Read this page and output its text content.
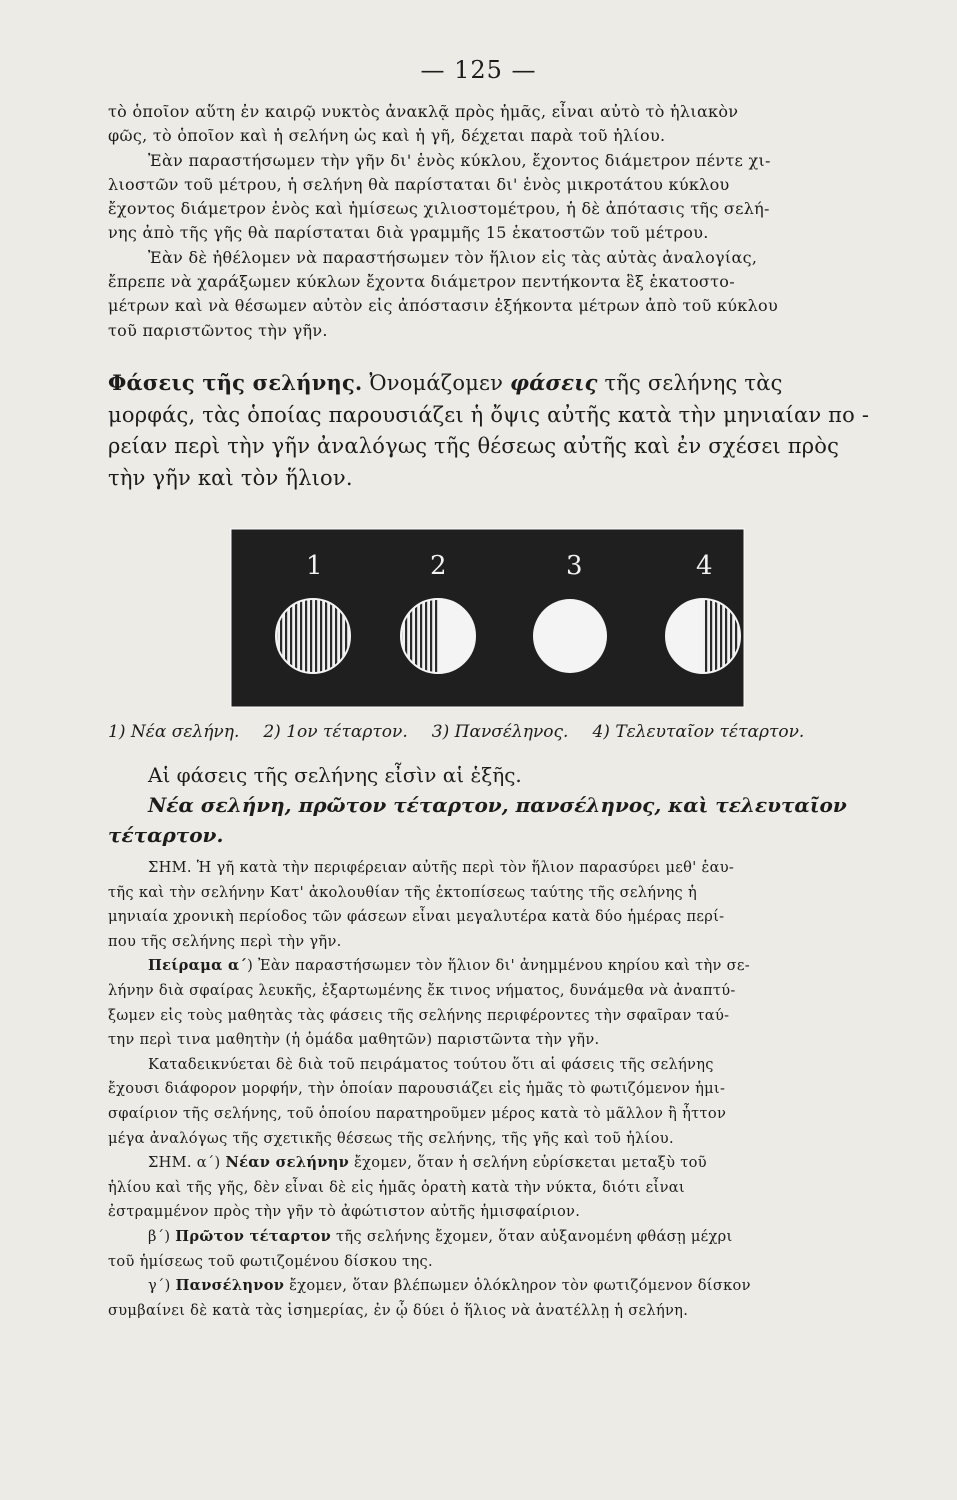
— 125 —
τὸ ὁποῖον αὕτη ἐν καιρῷ νυκτὸς ἀνακλᾷ πρὸς ἡμᾶς, εἶναι αὐτὸ τὸ ἡλιακὸν
φῶς, τὸ ὁποῖον καὶ ἡ σελήνη ὡς καὶ ἡ γῆ, δέχεται παρὰ τοῦ ἡλίου.
Ἐὰν παραστήσωμεν τὴν γῆν δι' ἑνὸς κύκλου, ἔχοντος διάμετρον πέντε χι-
λιοστῶν τοῦ μέτρου, ἡ σελήνη θὰ παρίσταται δι' ἑνὸς μικροτάτου κύκλου
ἔχοντος διάμετρον ἑνὸς καὶ ἡμίσεως χιλιοστομέτρου, ἡ δὲ ἀπότασις τῆς σελή-
νης ἀπὸ τῆς γῆς θὰ παρίσταται διὰ γραμμῆς 15 ἑκατοστῶν τοῦ μέτρου.
Ἐὰν δὲ ἠθέλομεν νὰ παραστήσωμεν τὸν ἥλιον εἰς τὰς αὐτὰς ἀναλογίας,
ἔπρεπε νὰ χαράξωμεν κύκλων ἔχοντα διάμετρον πεντήκοντα ἓξ ἑκατοστο-
μέτρων καὶ νὰ θέσωμεν αὐτὸν εἰς ἀπόστασιν ἑξήκοντα μέτρων ἀπὸ τοῦ κύκλου
τοῦ παριστῶντος τὴν γῆν.
Φάσεις τῆς σελήνης. Ὀνομάζομεν φάσεις τῆς σελήνης τὰς
μορφάς, τὰς ὁποίας παρουσιάζει ἡ ὄψις αὐτῆς κατὰ τὴν μηνιαίαν πο -
ρείαν περὶ τὴν γῆν ἀναλόγως τῆς θέσεως αὐτῆς καὶ ἐν σχέσει πρὸς
τὴν γῆν καὶ τὸν ἥλιον.
1	2	3	4
1) Νέα σελήνη. 2) 1ον τέταρτον. 3) Πανσέληνος. 4) Τελευταῖον τέταρτον.
Αἱ φάσεις τῆς σελήνης εἶσὶν αἱ ἑξῆς.
Νέα σελήνη, πρῶτον τέταρτον, πανσέληνος, καὶ τελευταῖον
τέταρτον.
ΣΗΜ. Ἡ γῆ κατὰ τὴν περιφέρειαν αὐτῆς περὶ τὸν ἥλιον παρασύρει μεθ' ἑαυ-
τῆς καὶ τὴν σελήνην Κατ' ἀκολουθίαν τῆς ἐκτοπίσεως ταύτης τῆς σελήνης ἡ
μηνιαία χρονικὴ περίοδος τῶν φάσεων εἶναι μεγαλυτέρα κατὰ δύο ἡμέρας περί-
που τῆς σελήνης περὶ τὴν γῆν.
Πείραμα α΄) Ἐὰν παραστήσωμεν τὸν ἥλιον δι' ἀνημμένου κηρίου καὶ τὴν σε-
λήνην διὰ σφαίρας λευκῆς, ἐξαρτωμένης ἔκ τινος νήματος, δυνάμεθα νὰ ἀναπτύ-
ξωμεν εἰς τοὺς μαθητὰς τὰς φάσεις τῆς σελήνης περιφέροντες τὴν σφαῖραν ταύ-
την περὶ τινα μαθητὴν (ἡ ὁμάδα μαθητῶν) παριστῶντα τὴν γῆν.
Καταδεικνύεται δὲ διὰ τοῦ πειράματος τούτου ὅτι αἱ φάσεις τῆς σελήνης
ἔχουσι διάφορον μορφήν, τὴν ὁποίαν παρουσιάζει εἰς ἡμᾶς τὸ φωτιζόμενον ἡμι-
σφαίριον τῆς σελήνης, τοῦ ὁποίου παρατηροῦμεν μέρος κατὰ τὸ μᾶλλον ἢ ἧττον
μέγα ἀναλόγως τῆς σχετικῆς θέσεως τῆς σελήνης, τῆς γῆς καὶ τοῦ ἡλίου.
ΣΗΜ. α΄) Νέαν σελήνην ἔχομεν, ὅταν ἡ σελήνη εὑρίσκεται μεταξὺ τοῦ
ἡλίου καὶ τῆς γῆς, δὲν εἶναι δὲ εἰς ἡμᾶς ὁρατὴ κατὰ τὴν νύκτα, διότι εἶναι
ἐστραμμένον πρὸς τὴν γῆν τὸ ἀφώτιστον αὐτῆς ἡμισφαίριον.
β΄) Πρῶτον τέταρτον τῆς σελήνης ἔχομεν, ὅταν αὐξανομένη φθάσῃ μέχρι
τοῦ ἡμίσεως τοῦ φωτιζομένου δίσκου της.
γ΄) Πανσέληνον ἔχομεν, ὅταν βλέπωμεν ὁλόκληρον τὸν φωτιζόμενον δίσκον
συμβαίνει δὲ κατὰ τὰς ἰσημερίας, ἐν ᾧ δύει ὁ ἥλιος νὰ ἀνατέλλῃ ἡ σελήνη.
